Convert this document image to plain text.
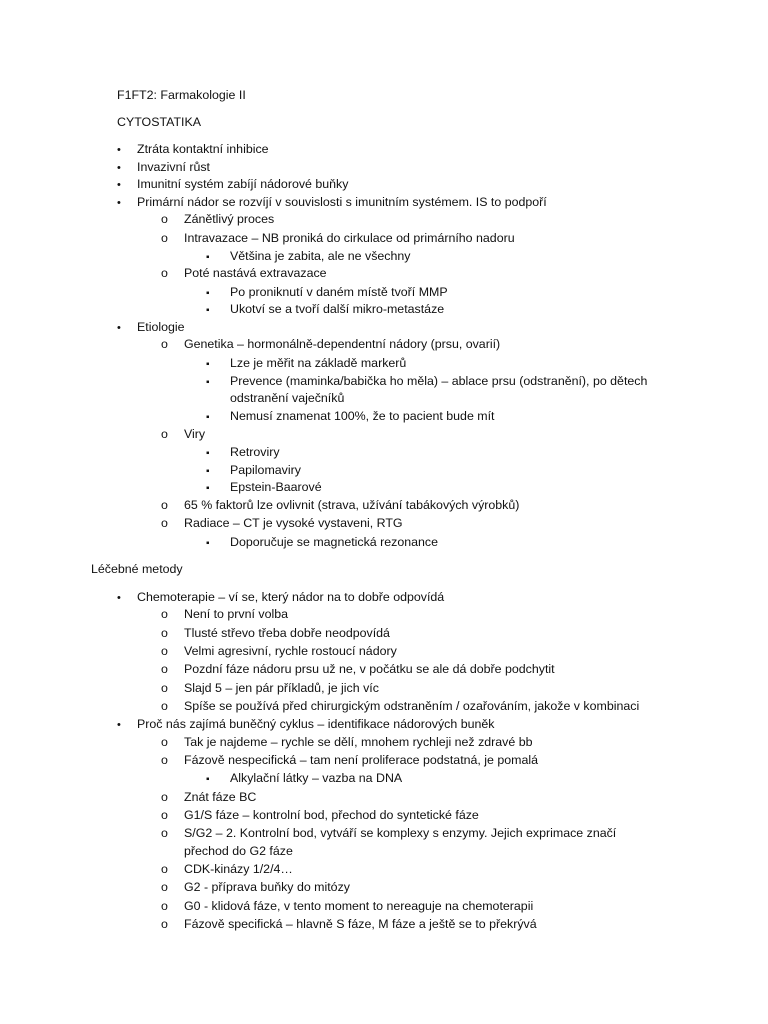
F1FT2: Farmakologie II
CYTOSTATIKA
• Ztráta kontaktní inhibice
• Invazivní růst
• Imunitní systém zabíjí nádorové buňky
• Primární nádor se rozvíjí v souvislosti s imunitním systémem. IS to podpoří
o Zánětlivý proces
o Intravazace – NB proniká do cirkulace od primárního nadoru
▪ Většina je zabita, ale ne všechny
o Poté nastává extravazace
▪ Po proniknutí v daném místě tvoří MMP
▪ Ukotví se a tvoří další mikro-metastáze
• Etiologie
o Genetika – hormonálně-dependentní nádory (prsu, ovarií)
▪ Lze je měřit na základě markerů
▪ Prevence (maminka/babička ho měla) – ablace prsu (odstranění), po dětech
odstranění vaječníků
▪ Nemusí znamenat 100%, že to pacient bude mít
o Viry
▪ Retroviry
▪ Papilomaviry
▪ Epstein-Baarové
o 65 % faktorů lze ovlivnit (strava, užívání tabákových výrobků)
o Radiace – CT je vysoké vystaveni, RTG
▪ Doporučuje se magnetická rezonance
Léčebné metody
• Chemoterapie – ví se, který nádor na to dobře odpovídá
o Není to první volba
o Tlusté střevo třeba dobře neodpovídá
o Velmi agresivní, rychle rostoucí nádory
o Pozdní fáze nádoru prsu už ne, v počátku se ale dá dobře podchytit
o Slajd 5 – jen pár příkladů, je jich víc
o Spíše se používá před chirurgickým odstraněním / ozařováním, jakože v kombinaci
• Proč nás zajímá buněčný cyklus – identifikace nádorových buněk
o Tak je najdeme – rychle se dělí, mnohem rychleji než zdravé bb
o Fázově nespecifická – tam není proliferace podstatná, je pomalá
▪ Alkylační látky – vazba na DNA
o Znát fáze BC
o G1/S fáze – kontrolní bod, přechod do syntetické fáze
o S/G2 – 2. Kontrolní bod, vytváří se komplexy s enzymy. Jejich exprimace značí
přechod do G2 fáze
o CDK-kinázy 1/2/4…
o G2 - příprava buňky do mitózy
o G0 - klidová fáze, v tento moment to nereaguje na chemoterapii
o Fázově specifická – hlavně S fáze, M fáze a ještě se to překrývá
